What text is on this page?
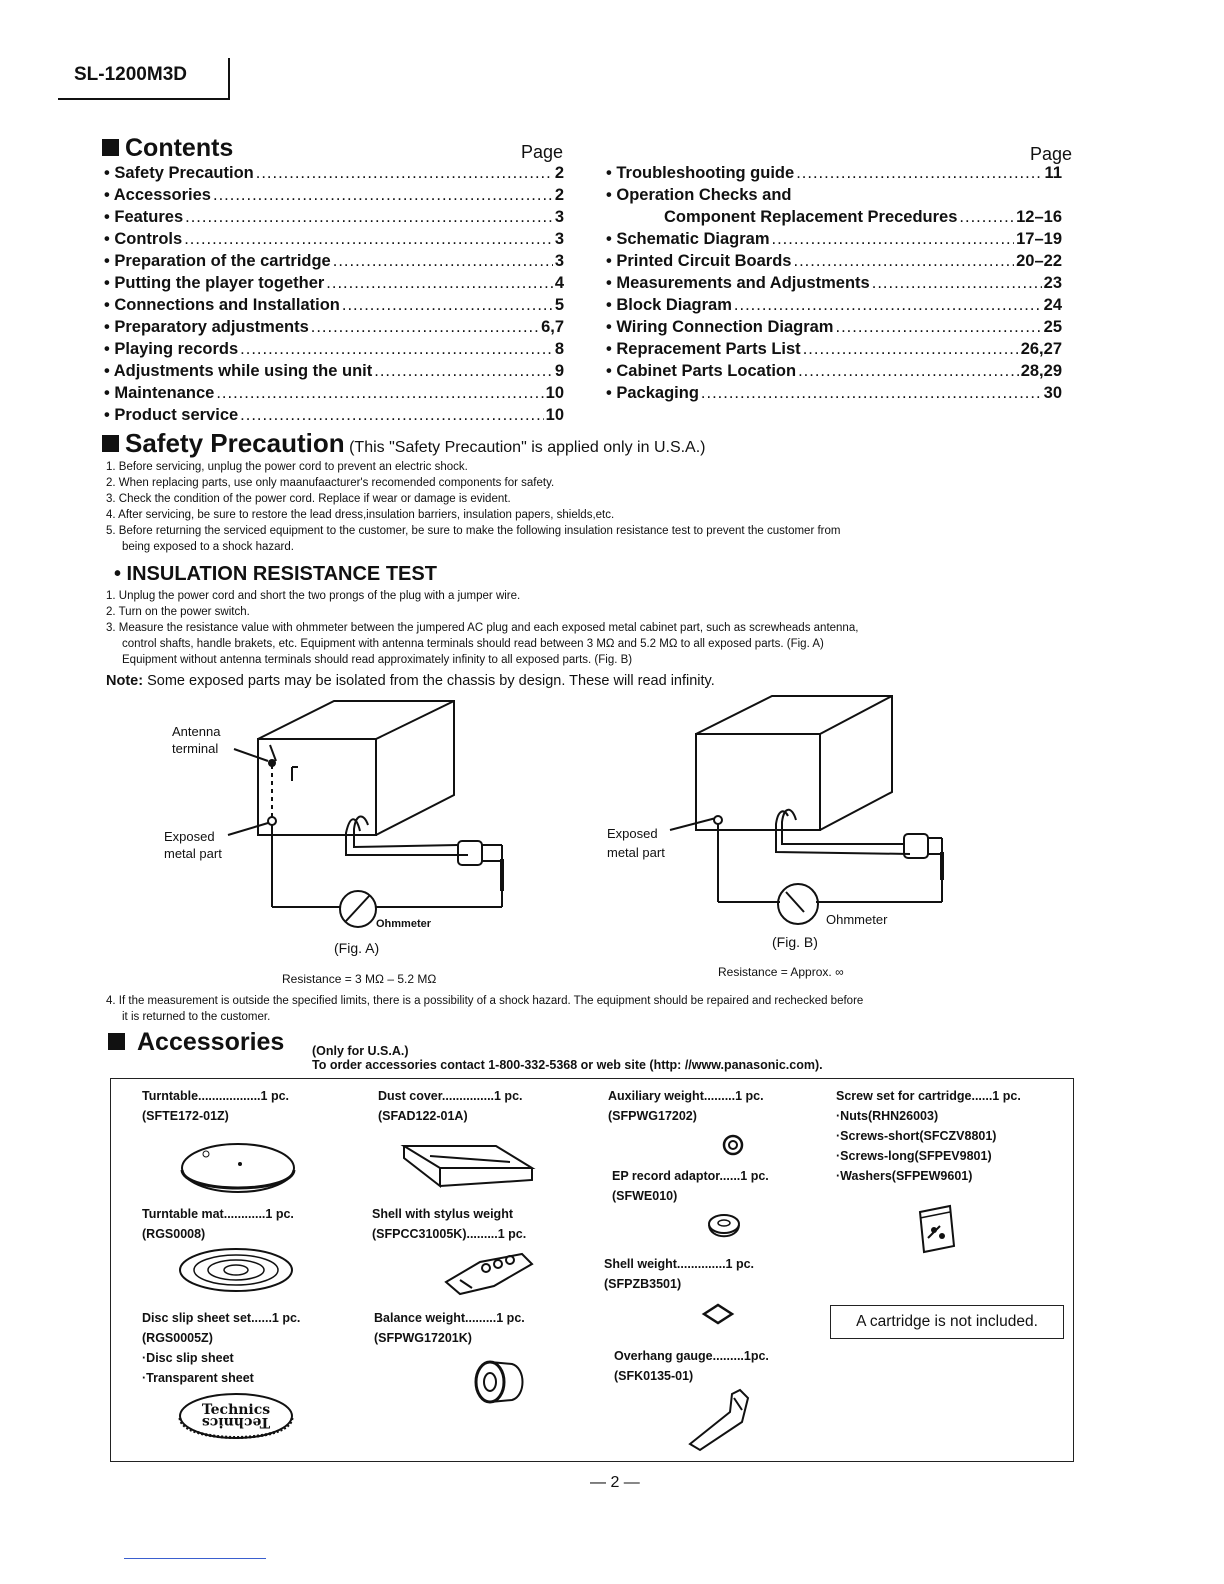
SL-1200M3D
Contents	Page	Page
• Safety Precaution .....	2
• Accessories .....	2
• Features .....	3
• Controls .....	3
• Preparation of the cartridge .....	3
• Putting the player together .....	4
• Connections and Installation .....	5
• Preparatory adjustments .....	6,7
• Playing records .....	8
• Adjustments while using the unit .....	9
• Maintenance .....	10
• Product service .....	10
• Troubleshooting guide .....	11
• Operation Checks and
Component Replacement Precedures .....	12–16
• Schematic Diagram .....	17–19
• Printed Circuit Boards .....	20–22
• Measurements and Adjustments .....	23
• Block Diagram .....	24
• Wiring Connection Diagram .....	25
• Repracement Parts List .....	26,27
• Cabinet Parts Location .....	28,29
• Packaging .....	30
Safety Precaution (This "Safety Precaution" is applied only in U.S.A.)
1. Before servicing, unplug the power cord to prevent an electric shock.
2. When replacing parts, use only maanufaacturer's recomended components for safety.
3. Check the condition of the power cord. Replace if wear or damage is evident.
4. After servicing, be sure to restore the lead dress,insulation barriers, insulation papers, shields,etc.
5. Before returning the serviced equipment to the customer, be sure to make the following insulation resistance test to prevent the customer from
being exposed to a shock hazard.
• INSULATION RESISTANCE TEST
1. Unplug the power cord and short the two prongs of the plug with a jumper wire.
2. Turn on the power switch.
3. Measure the resistance value with ohmmeter between the jumpered AC plug and each exposed metal cabinet part, such as screwheads antenna,
control shafts, handle brakets, etc. Equipment with antenna terminals should read between 3 MΩ and 5.2 MΩ to all exposed parts. (Fig. A)
Equipment without antenna terminals should read approximately infinity to all exposed parts. (Fig. B)
Note: Some exposed parts may be isolated from the chassis by design. These will read infinity.
Antenna
terminal
Exposed
metal part
Ohmmeter
(Fig. A)
Resistance = 3 MΩ – 5.2 MΩ
Exposed
metal part
Ohmmeter
(Fig. B)
Resistance = Approx. ∞
4. If the measurement is outside the specified limits, there is a possibility of a shock hazard. The equipment should be repaired and rechecked before
it is returned to the customer.
Accessories (Only for U.S.A.)
To order accessories contact 1-800-332-5368 or web site (http: //www.panasonic.com).
Turntable..................1 pc.
(SFTE172-01Z)
Turntable mat............1 pc.
(RGS0008)
Disc slip sheet set......1 pc.
(RGS0005Z)
·Disc slip sheet
·Transparent sheet
Technics
Technics
Dust cover...............1 pc.
(SFAD122-01A)
Shell with stylus weight
(SFPCC31005K).........1 pc.
Balance weight.........1 pc.
(SFPWG17201K)
Auxiliary weight.........1 pc.
(SFPWG17202)
EP record adaptor......1 pc.
(SFWE010)
Shell weight..............1 pc.
(SFPZB3501)
Overhang gauge.........1pc.
(SFK0135-01)
Screw set for cartridge......1 pc.
·Nuts(RHN26003)
·Screws-short(SFCZV8801)
·Screws-long(SFPEV9801)
·Washers(SFPEW9601)
A cartridge is not included.
— 2 —
